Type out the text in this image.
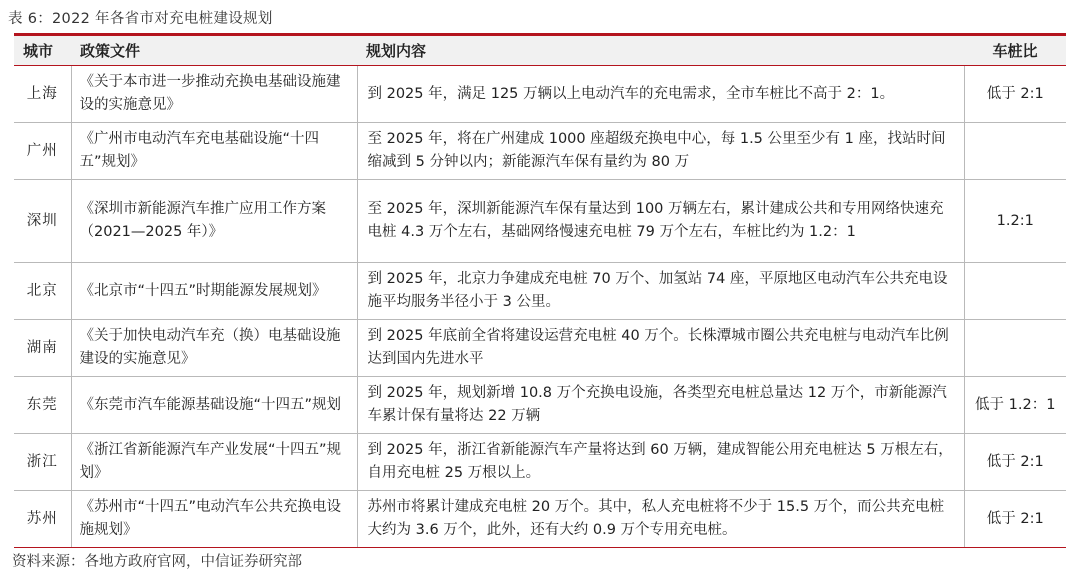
表 6：2022 年各省市对充电桩建设规划
城市	政策文件	规划内容	车桩比
上海	《关于本市进一步推动充换电基础设施建设的实施意见》	到 2025 年，满足 125 万辆以上电动汽车的充电需求，全市车桩比不高于 2：1。	低于 2:1
广州	《广州市电动汽车充电基础设施“十四五”规划》	至 2025 年，将在广州建成 1000 座超级充换电中心，每 1.5 公里至少有 1 座，找站时间缩减到 5 分钟以内；新能源汽车保有量约为 80 万	
深圳	《深圳市新能源汽车推广应用工作方案（2021—2025 年）》	至 2025 年，深圳新能源汽车保有量达到 100 万辆左右，累计建成公共和专用网络快速充电桩 4.3 万个左右，基础网络慢速充电桩 79 万个左右，车桩比约为 1.2：1	1.2:1
北京	《北京市“十四五”时期能源发展规划》	到 2025 年，北京力争建成充电桩 70 万个、加氢站 74 座，平原地区电动汽车公共充电设施平均服务半径小于 3 公里。	
湖南	《关于加快电动汽车充（换）电基础设施建设的实施意见》	到 2025 年底前全省将建设运营充电桩 40 万个。长株潭城市圈公共充电桩与电动汽车比例达到国内先进水平	
东莞	《东莞市汽车能源基础设施“十四五”规划	到 2025 年，规划新增 10.8 万个充换电设施，各类型充电桩总量达 12 万个，市新能源汽车累计保有量将达 22 万辆	低于 1.2：1
浙江	《浙江省新能源汽车产业发展“十四五”规划》	到 2025 年，浙江省新能源汽车产量将达到 60 万辆，建成智能公用充电桩达 5 万根左右，自用充电桩 25 万根以上。	低于 2:1
苏州	《苏州市“十四五”电动汽车公共充换电设施规划》	苏州市将累计建成充电桩 20 万个。其中，私人充电桩将不少于 15.5 万个，而公共充电桩大约为 3.6 万个，此外，还有大约 0.9 万个专用充电桩。	低于 2:1
资料来源：各地方政府官网，中信证券研究部
